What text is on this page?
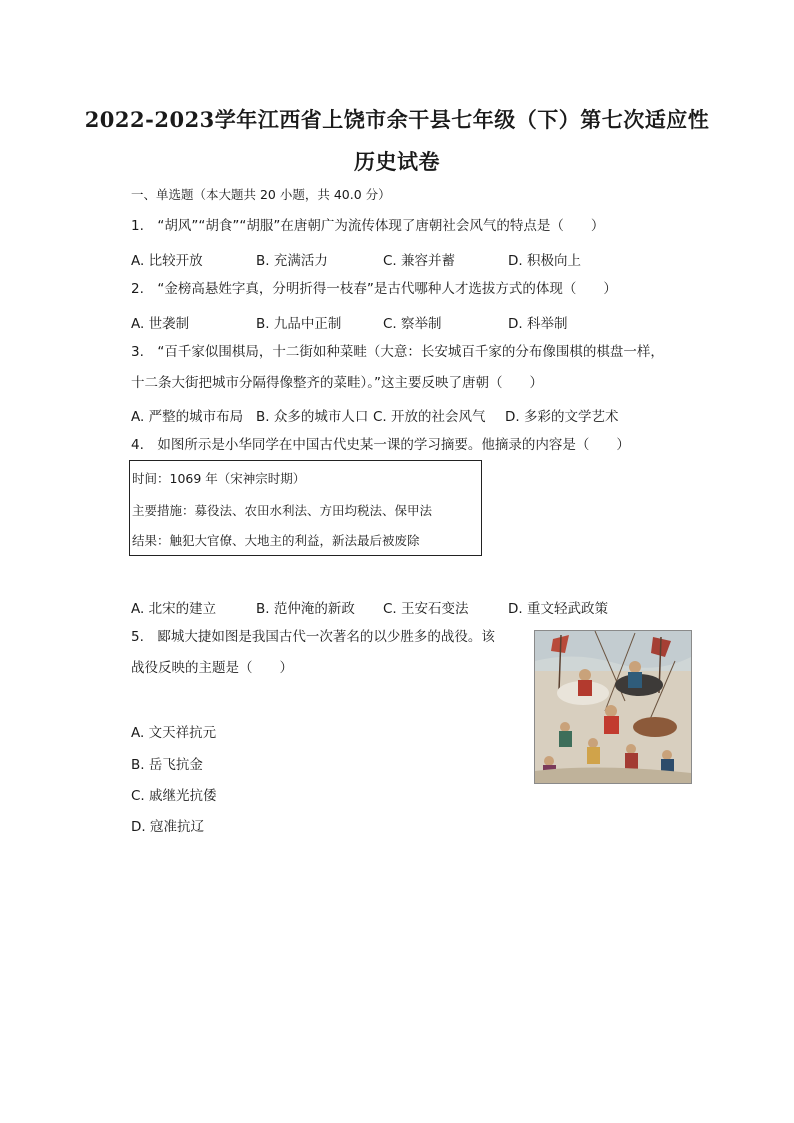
2022-2023学年江西省上饶市余干县七年级（下）第七次适应性
历史试卷
一、单选题（本大题共 20 小题，共 40.0 分）
1.　“胡风”“胡食”“胡服”在唐朝广为流传体现了唐朝社会风气的特点是（　　）
A. 比较开放	B. 充满活力	C. 兼容并蓄	D. 积极向上
2.　“金榜高悬姓字真，分明折得一枝春”是古代哪种人才选拔方式的体现（　　）
A. 世袭制	B. 九品中正制	C. 察举制	D. 科举制
3.　“百千家似围棋局，十二街如种菜畦（大意：长安城百千家的分布像围棋的棋盘一样，
十二条大街把城市分隔得像整齐的菜畦）。”这主要反映了唐朝（　　）
A. 严整的城市布局 B. 众多的城市人口 C. 开放的社会风气 D. 多彩的文学艺术
4.　如图所示是小华同学在中国古代史某一课的学习摘要。他摘录的内容是（　　）
时间：1069 年（宋神宗时期）
主要措施：募役法、农田水利法、方田均税法、保甲法
结果：触犯大官僚、大地主的利益，新法最后被废除
A. 北宋的建立	B. 范仲淹的新政 C. 王安石变法	D. 重文轻武政策
5.　郾城大捷如图是我国古代一次著名的以少胜多的战役。该
战役反映的主题是（　　）
A. 文天祥抗元
B. 岳飞抗金
C. 戚继光抗倭
D. 寇准抗辽
